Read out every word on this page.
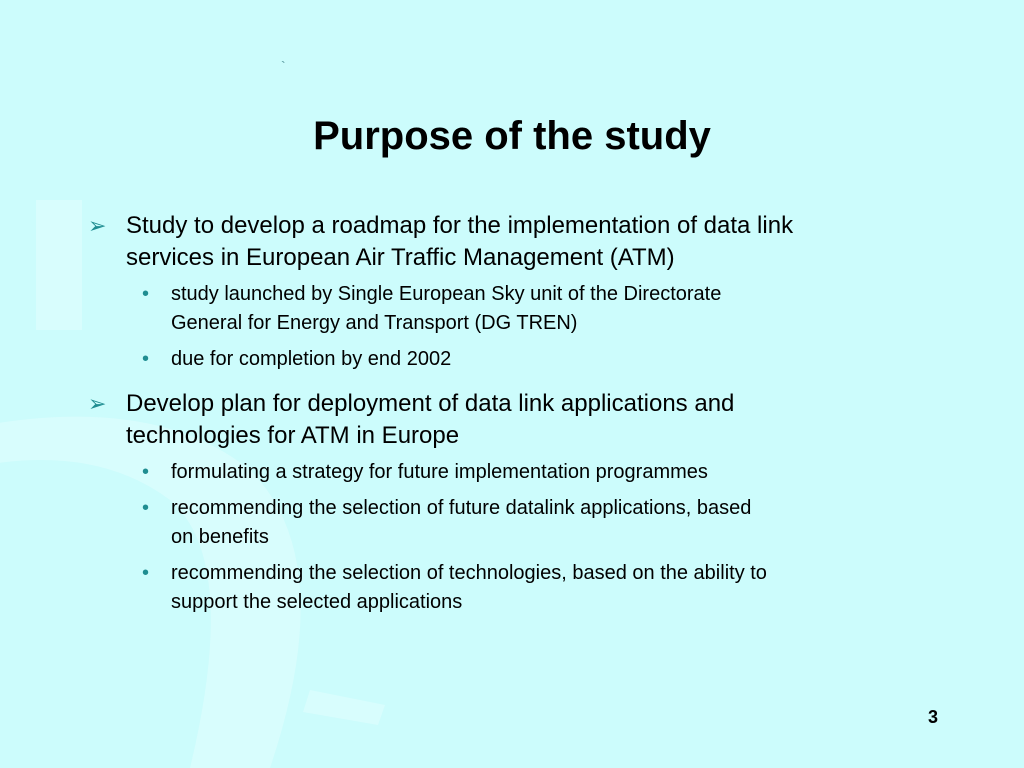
`
Purpose of the study
➢ Study to develop a roadmap for the implementation of data link
services in European Air Traffic Management (ATM)
• study launched by Single European Sky unit of the Directorate
General for Energy and Transport (DG TREN)
• due for completion by end 2002
➢ Develop plan for deployment of data link applications and
technologies for ATM in Europe
• formulating a strategy for future implementation programmes
• recommending the selection of future datalink applications, based
on benefits
• recommending the selection of technologies, based on the ability to
support the selected applications
3
